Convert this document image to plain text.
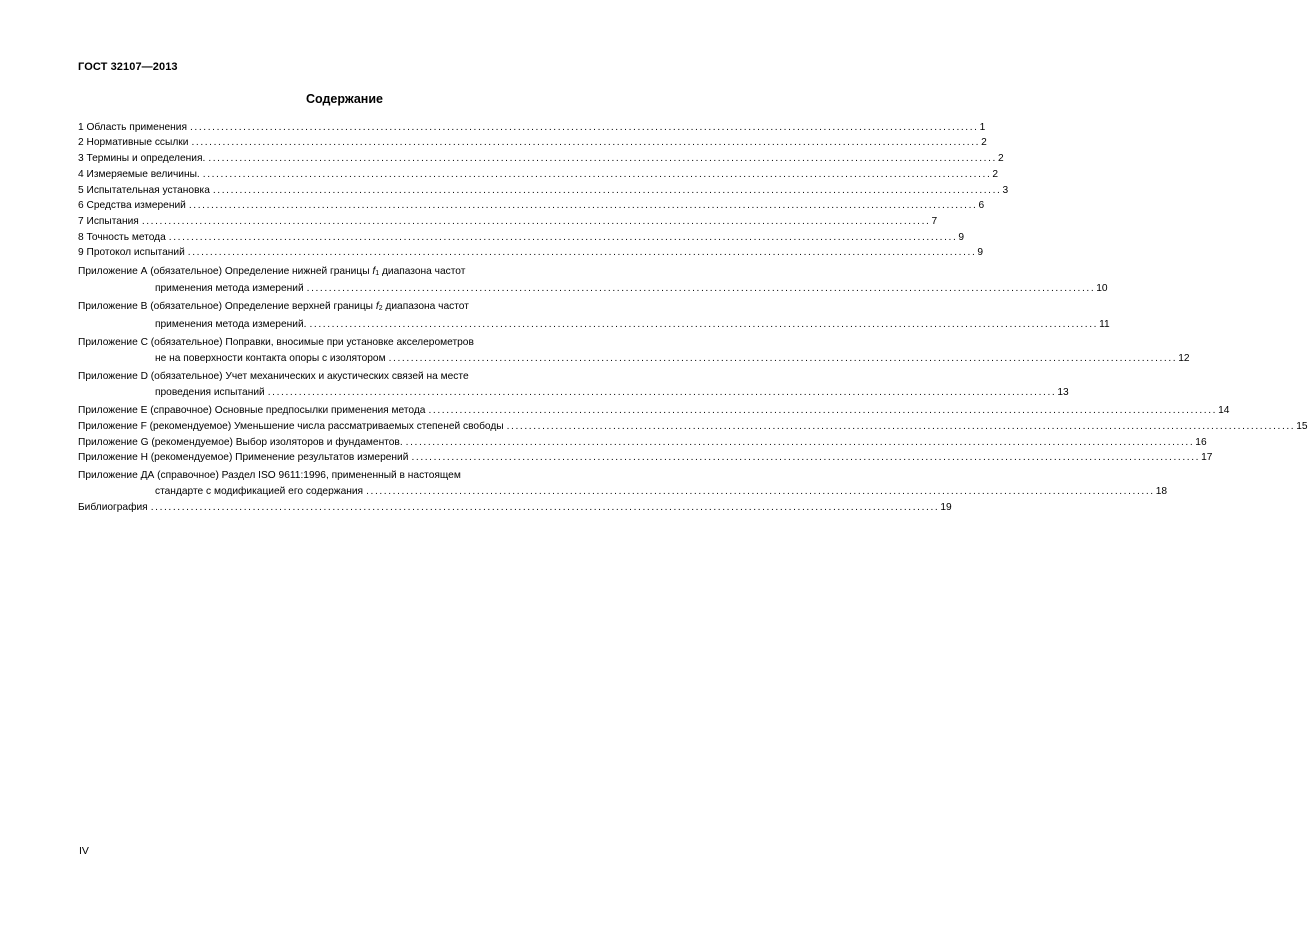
ГОСТ 32107—2013
Содержание
1 Область применения .................................................................................................................................................................................. 1
2 Нормативные ссылки .................................................................................................................................................................................. 2
3 Термины и определения. .................................................................................................................................................................................. 2
4 Измеряемые величины. .................................................................................................................................................................................. 2
5 Испытательная установка .................................................................................................................................................................................. 3
6 Средства измерений .................................................................................................................................................................................. 6
7 Испытания .................................................................................................................................................................................. 7
8 Точность метода .................................................................................................................................................................................. 9
9 Протокол испытаний .................................................................................................................................................................................. 9
Приложение А (обязательное) Определение нижней границы $f_1$ диапазона частот
применения метода измерений .................................................................................................................................................................................. 10
Приложение В (обязательное) Определение верхней границы $f_2$ диапазона частот
применения метода измерений. .................................................................................................................................................................................. 11
Приложение С (обязательное) Поправки, вносимые при установке акселерометров
не на поверхности контакта опоры с изолятором .................................................................................................................................................................................. 12
Приложение D (обязательное) Учет механических и акустических связей на месте
проведения испытаний .................................................................................................................................................................................. 13
Приложение Е (справочное) Основные предпосылки применения метода .................................................................................................................................................................................. 14
Приложение F (рекомендуемое) Уменьшение числа рассматриваемых степеней свободы .................................................................................................................................................................................. 15
Приложение G (рекомендуемое) Выбор изоляторов и фундаментов. .................................................................................................................................................................................. 16
Приложение Н (рекомендуемое) Применение результатов измерений .................................................................................................................................................................................. 17
Приложение ДА (справочное) Раздел ISO 9611:1996, примененный в настоящем
стандарте с модификацией его содержания .................................................................................................................................................................................. 18
Библиография .................................................................................................................................................................................. 19
IV
